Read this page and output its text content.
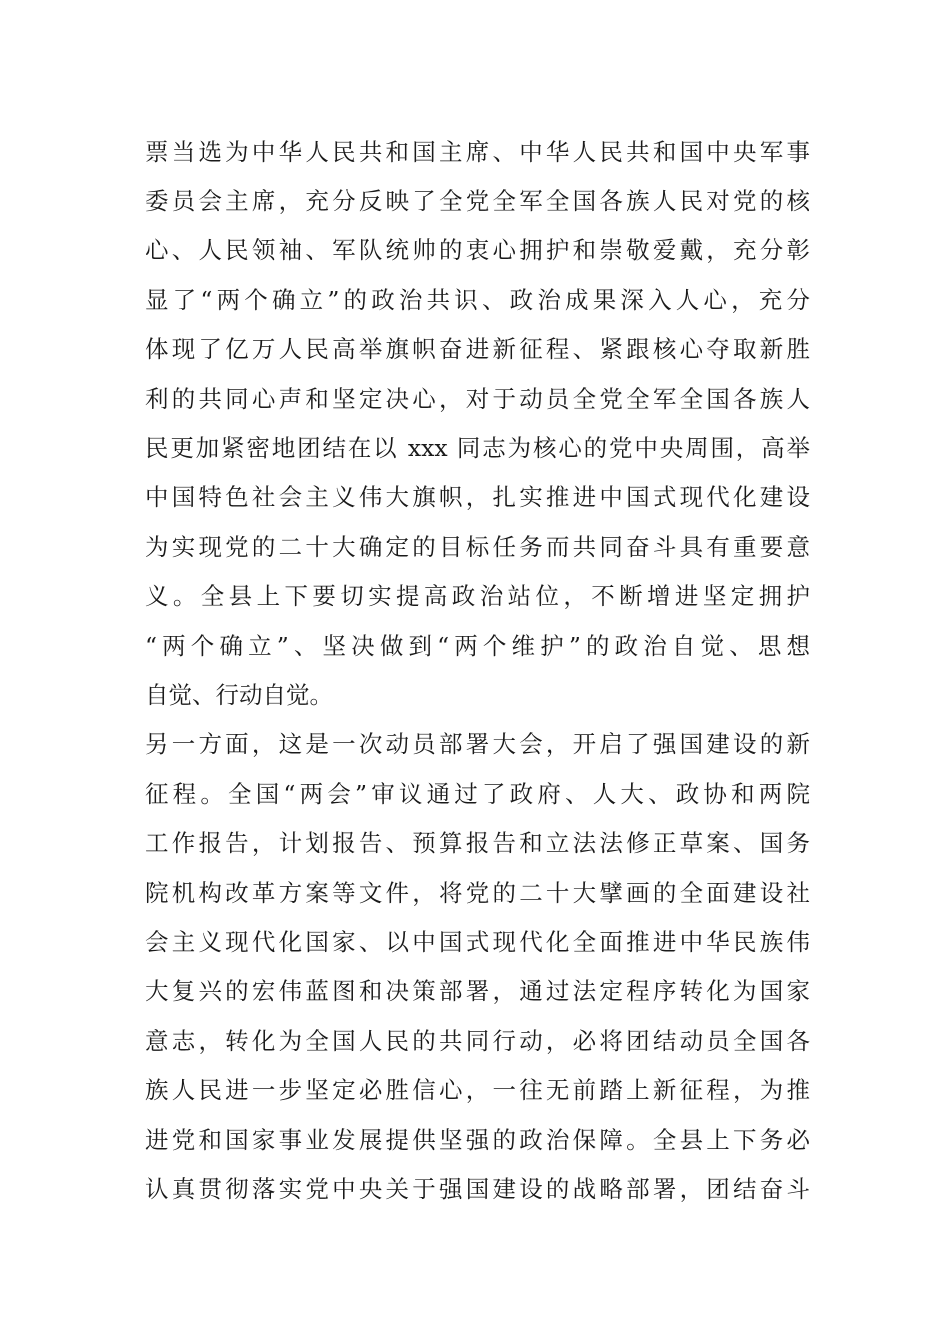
票当选为中华人民共和国主席、中华人民共和国中央军事
委员会主席，充分反映了全党全军全国各族人民对党的核
心、人民领袖、军队统帅的衷心拥护和崇敬爱戴，充分彰
显了“两个确立”的政治共识、政治成果深入人心，充分
体现了亿万人民高举旗帜奋进新征程、紧跟核心夺取新胜
利的共同心声和坚定决心，对于动员全党全军全国各族人
民更加紧密地团结在以 xxx 同志为核心的党中央周围，高举
中国特色社会主义伟大旗帜，扎实推进中国式现代化建设
为实现党的二十大确定的目标任务而共同奋斗具有重要意
义。全县上下要切实提高政治站位，不断增进坚定拥护
“两个确立”、坚决做到“两个维护”的政治自觉、思想
自觉、行动自觉。
另一方面，这是一次动员部署大会，开启了强国建设的新
征程。全国“两会”审议通过了政府、人大、政协和两院
工作报告，计划报告、预算报告和立法法修正草案、国务
院机构改革方案等文件，将党的二十大擘画的全面建设社
会主义现代化国家、以中国式现代化全面推进中华民族伟
大复兴的宏伟蓝图和决策部署，通过法定程序转化为国家
意志，转化为全国人民的共同行动，必将团结动员全国各
族人民进一步坚定必胜信心，一往无前踏上新征程，为推
进党和国家事业发展提供坚强的政治保障。全县上下务必
认真贯彻落实党中央关于强国建设的战略部署，团结奋斗
